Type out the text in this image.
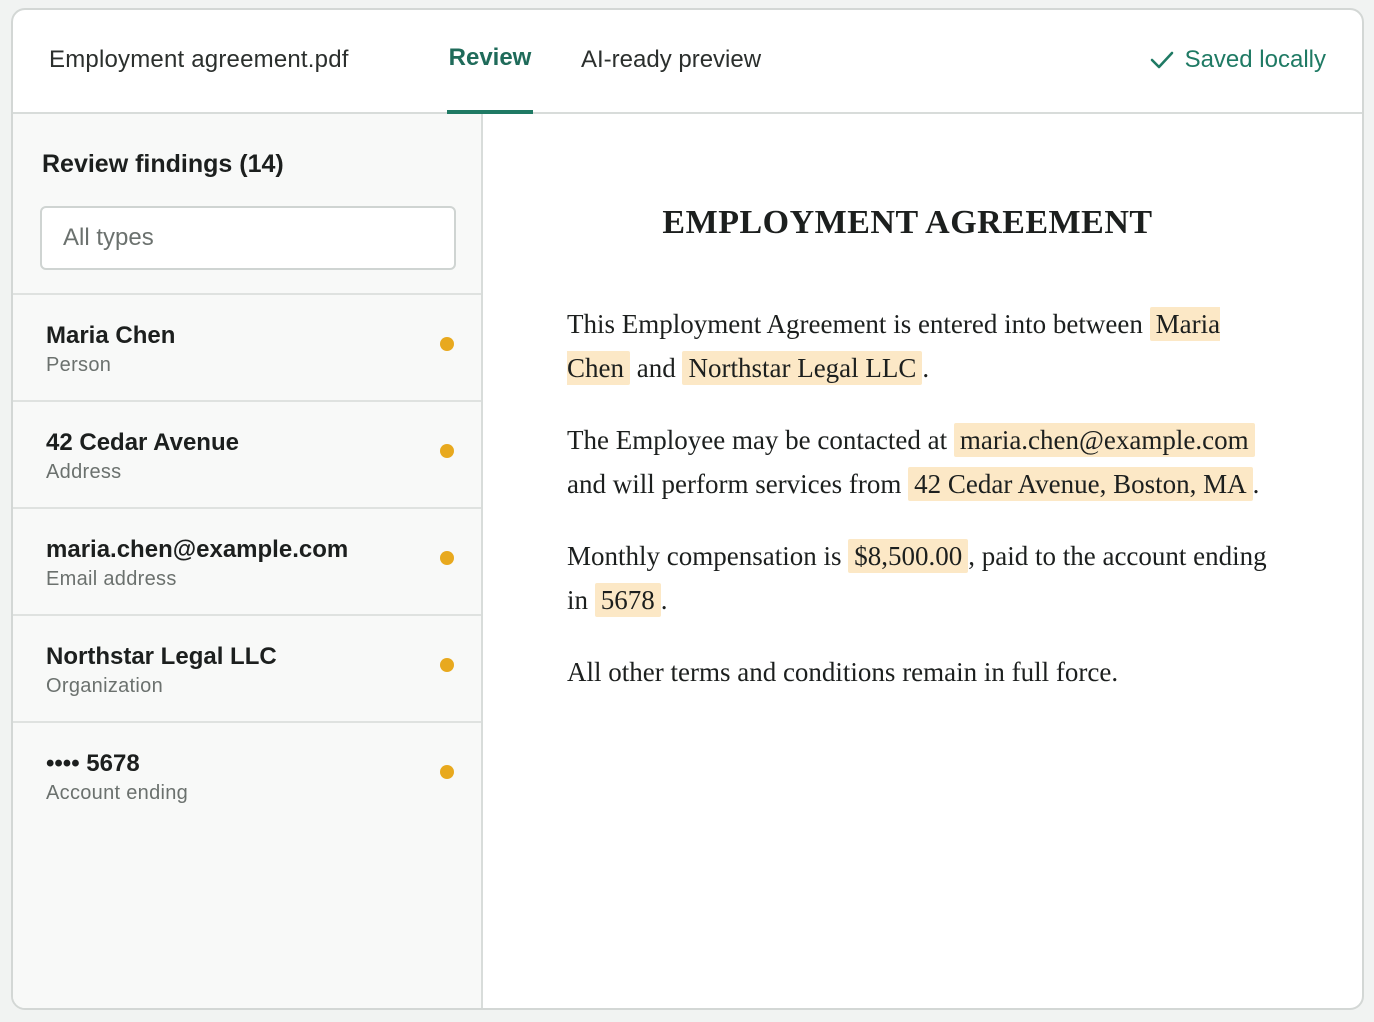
Employment agreement.pdf	Review AI-ready preview	Saved locally
Review findings (14)
All types
Maria Chen
Person
42 Cedar Avenue
Address
maria.chen@example.com
Email address
Northstar Legal LLC
Organization
•••• 5678
Account ending
EMPLOYMENT AGREEMENT

This Employment Agreement is entered into between Maria Chen and Northstar Legal LLC .

The Employee may be contacted at maria.chen@example.com and will perform services from 42 Cedar Avenue, Boston, MA .

Monthly compensation is $8,500.00 , paid to the account ending in 5678 .

All other terms and conditions remain in full force.
